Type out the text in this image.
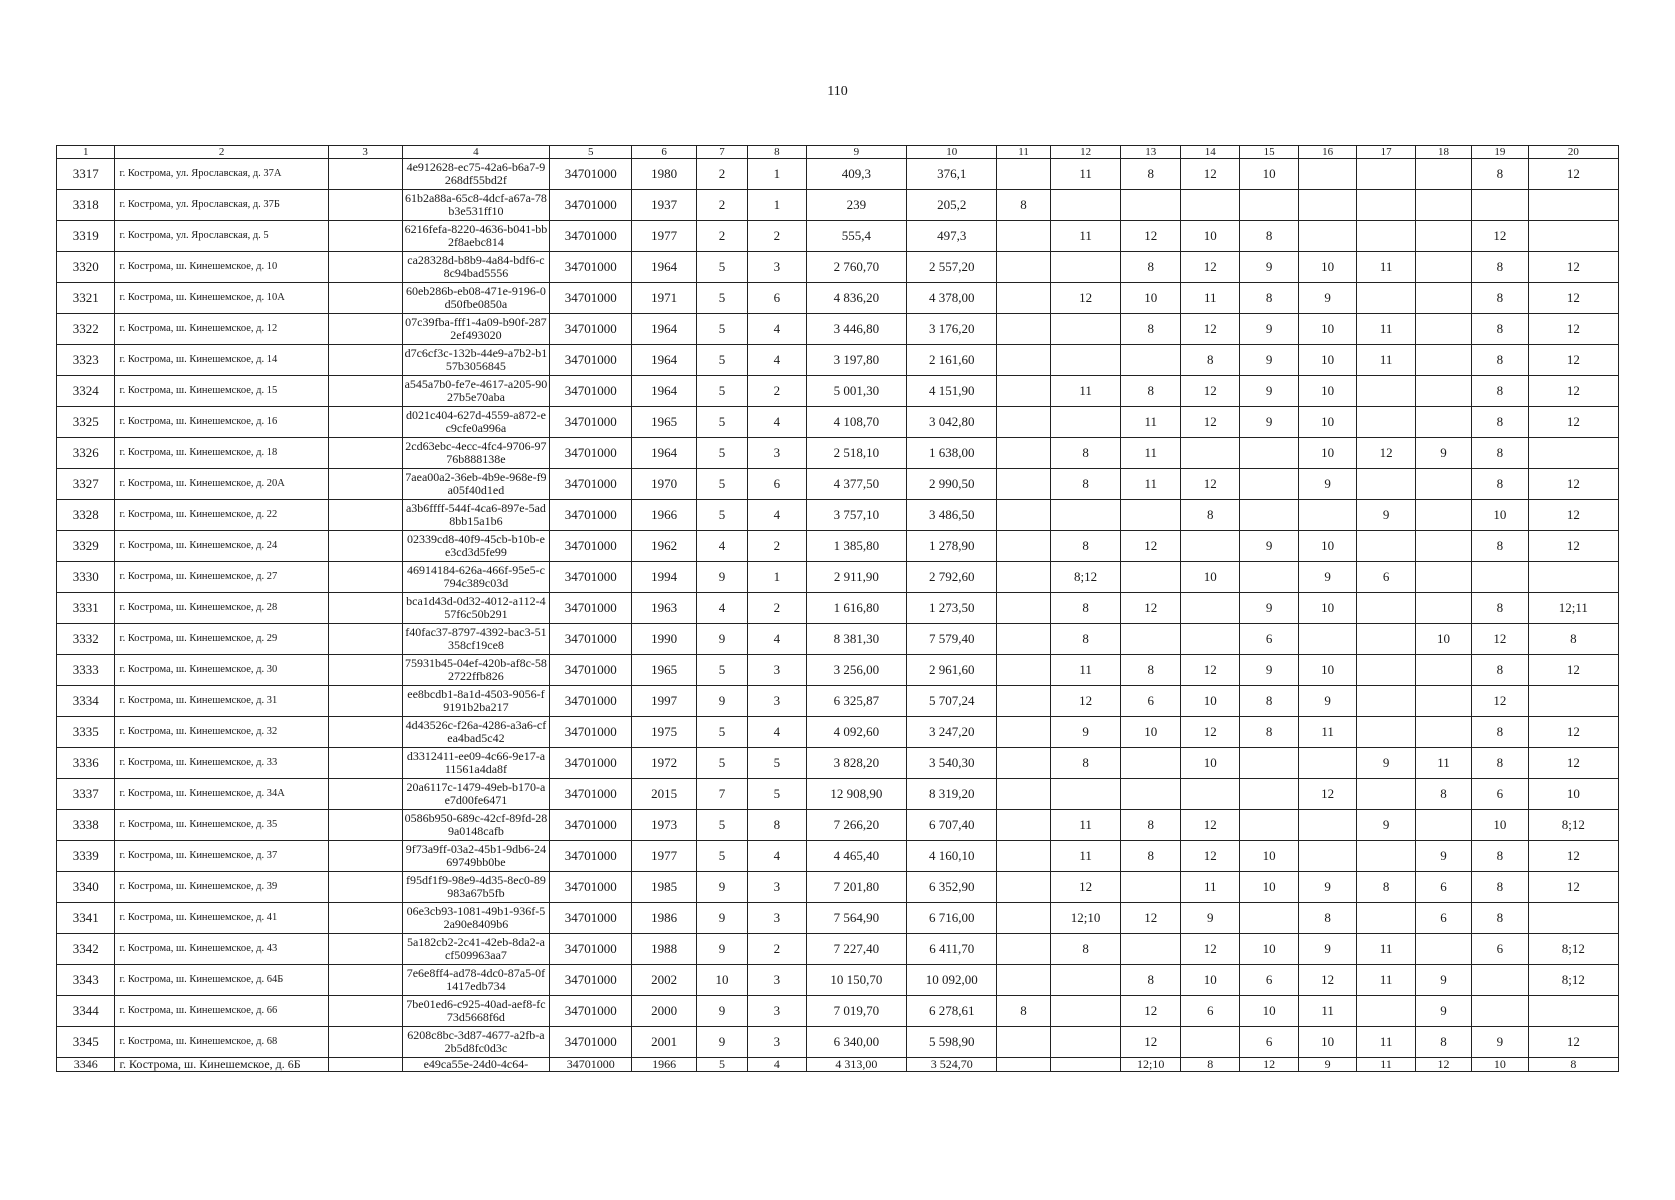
110
1	2	3	4	5	6	7	8	9	10	11	12	13	14	15	16	17	18	19	20
3317	г. Кострома, ул. Ярославская, д. 37А		4e912628-ec75-42a6-b6a7-9268df55bd2f	34701000	1980	2	1	409,3	376,1		11	8	12	10				8	12
3318	г. Кострома, ул. Ярославская, д. 37Б		61b2a88a-65c8-4dcf-a67a-78b3e531ff10	34701000	1937	2	1	239	205,2	8									
3319	г. Кострома, ул. Ярославская, д. 5		6216fefa-8220-4636-b041-bb2f8aebc814	34701000	1977	2	2	555,4	497,3		11	12	10	8				12	
3320	г. Кострома, ш. Кинешемское, д. 10		ca28328d-b8b9-4a84-bdf6-c8c94bad5556	34701000	1964	5	3	2 760,70	2 557,20			8	12	9	10	11		8	12
3321	г. Кострома, ш. Кинешемское, д. 10А		60eb286b-eb08-471e-9196-0d50fbe0850a	34701000	1971	5	6	4 836,20	4 378,00		12	10	11	8	9			8	12
3322	г. Кострома, ш. Кинешемское, д. 12		07c39fba-fff1-4a09-b90f-2872ef493020	34701000	1964	5	4	3 446,80	3 176,20			8	12	9	10	11		8	12
3323	г. Кострома, ш. Кинешемское, д. 14		d7c6cf3c-132b-44e9-a7b2-b157b3056845	34701000	1964	5	4	3 197,80	2 161,60				8	9	10	11		8	12
3324	г. Кострома, ш. Кинешемское, д. 15		a545a7b0-fe7e-4617-a205-9027b5e70aba	34701000	1964	5	2	5 001,30	4 151,90		11	8	12	9	10			8	12
3325	г. Кострома, ш. Кинешемское, д. 16		d021c404-627d-4559-a872-ec9cfe0a996a	34701000	1965	5	4	4 108,70	3 042,80			11	12	9	10			8	12
3326	г. Кострома, ш. Кинешемское, д. 18		2cd63ebc-4ecc-4fc4-9706-9776b888138e	34701000	1964	5	3	2 518,10	1 638,00		8	11			10	12	9	8	
3327	г. Кострома, ш. Кинешемское, д. 20А		7aea00a2-36eb-4b9e-968e-f9a05f40d1ed	34701000	1970	5	6	4 377,50	2 990,50		8	11	12		9			8	12
3328	г. Кострома, ш. Кинешемское, д. 22		a3b6ffff-544f-4ca6-897e-5ad8bb15a1b6	34701000	1966	5	4	3 757,10	3 486,50				8			9		10	12
3329	г. Кострома, ш. Кинешемское, д. 24		02339cd8-40f9-45cb-b10b-ee3cd3d5fe99	34701000	1962	4	2	1 385,80	1 278,90		8	12		9	10			8	12
3330	г. Кострома, ш. Кинешемское, д. 27		46914184-626a-466f-95e5-c794c389c03d	34701000	1994	9	1	2 911,90	2 792,60		8;12		10		9	6			
3331	г. Кострома, ш. Кинешемское, д. 28		bca1d43d-0d32-4012-a112-457f6c50b291	34701000	1963	4	2	1 616,80	1 273,50		8	12		9	10			8	12;11
3332	г. Кострома, ш. Кинешемское, д. 29		f40fac37-8797-4392-bac3-51358cf19ce8	34701000	1990	9	4	8 381,30	7 579,40		8			6			10	12	8
3333	г. Кострома, ш. Кинешемское, д. 30		75931b45-04ef-420b-af8c-582722ffb826	34701000	1965	5	3	3 256,00	2 961,60		11	8	12	9	10			8	12
3334	г. Кострома, ш. Кинешемское, д. 31		ee8bcdb1-8a1d-4503-9056-f9191b2ba217	34701000	1997	9	3	6 325,87	5 707,24		12	6	10	8	9			12	
3335	г. Кострома, ш. Кинешемское, д. 32		4d43526c-f26a-4286-a3a6-cfea4bad5c42	34701000	1975	5	4	4 092,60	3 247,20		9	10	12	8	11			8	12
3336	г. Кострома, ш. Кинешемское, д. 33		d3312411-ee09-4c66-9e17-a11561a4da8f	34701000	1972	5	5	3 828,20	3 540,30		8		10			9	11	8	12
3337	г. Кострома, ш. Кинешемское, д. 34А		20a6117c-1479-49eb-b170-ae7d00fe6471	34701000	2015	7	5	12 908,90	8 319,20						12		8	6	10
3338	г. Кострома, ш. Кинешемское, д. 35		0586b950-689c-42cf-89fd-289a0148cafb	34701000	1973	5	8	7 266,20	6 707,40		11	8	12			9		10	8;12
3339	г. Кострома, ш. Кинешемское, д. 37		9f73a9ff-03a2-45b1-9db6-2469749bb0be	34701000	1977	5	4	4 465,40	4 160,10		11	8	12	10			9	8	12
3340	г. Кострома, ш. Кинешемское, д. 39		f95df1f9-98e9-4d35-8ec0-89983a67b5fb	34701000	1985	9	3	7 201,80	6 352,90		12		11	10	9	8	6	8	12
3341	г. Кострома, ш. Кинешемское, д. 41		06e3cb93-1081-49b1-936f-52a90e8409b6	34701000	1986	9	3	7 564,90	6 716,00		12;10	12	9		8		6	8	
3342	г. Кострома, ш. Кинешемское, д. 43		5a182cb2-2c41-42eb-8da2-acf509963aa7	34701000	1988	9	2	7 227,40	6 411,70		8		12	10	9	11		6	8;12
3343	г. Кострома, ш. Кинешемское, д. 64Б		7e6e8ff4-ad78-4dc0-87a5-0f1417edb734	34701000	2002	10	3	10 150,70	10 092,00			8	10	6	12	11	9		8;12
3344	г. Кострома, ш. Кинешемское, д. 66		7be01ed6-c925-40ad-aef8-fc73d5668f6d	34701000	2000	9	3	7 019,70	6 278,61	8		12	6	10	11		9		
3345	г. Кострома, ш. Кинешемское, д. 68		6208c8bc-3d87-4677-a2fb-a2b5d8fc0d3c	34701000	2001	9	3	6 340,00	5 598,90			12		6	10	11	8	9	12
3346	г. Кострома, ш. Кинешемское, д. 6Б		e49ca55e-24d0-4c64-	34701000	1966	5	4	4 313,00	3 524,70			12;10	8	12	9	11	12	10	8
